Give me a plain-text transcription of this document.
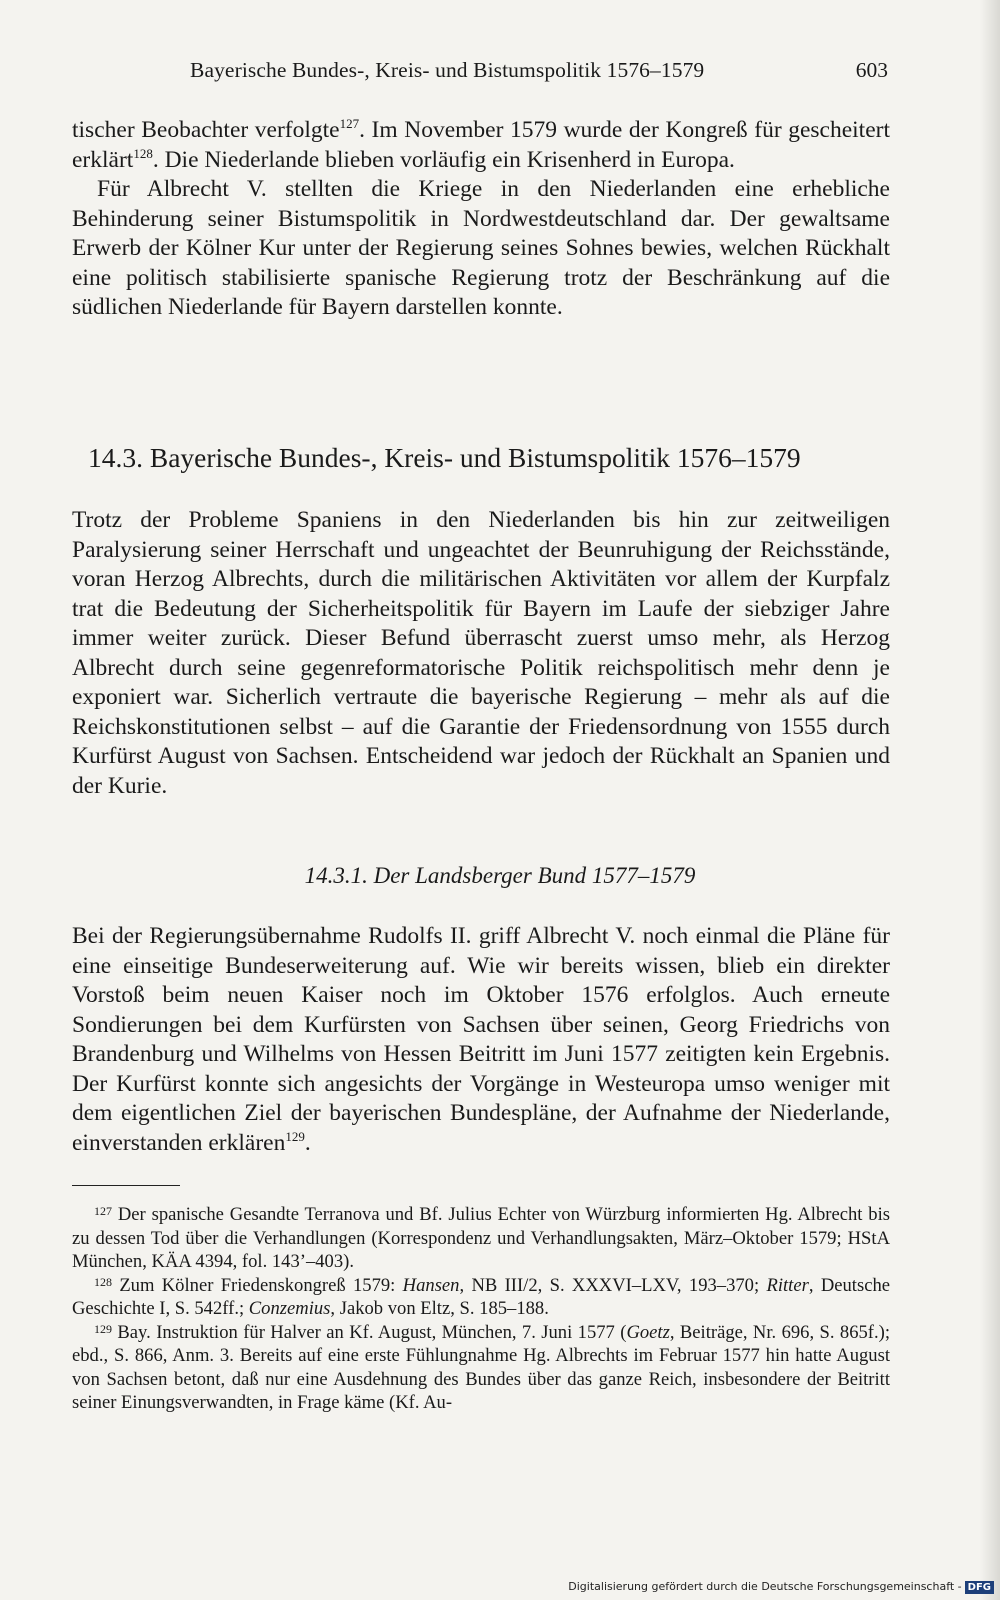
Bayerische Bundes-, Kreis- und Bistumspolitik 1576–1579	603

tischer Beobachter verfolgte$^{127}$. Im November 1579 wurde der Kongreß für gescheitert erklärt$^{128}$. Die Niederlande blieben vorläufig ein Krisenherd in Europa.

Für Albrecht V. stellten die Kriege in den Niederlanden eine erhebliche Behinderung seiner Bistumspolitik in Nordwestdeutschland dar. Der gewaltsame Erwerb der Kölner Kur unter der Regierung seines Sohnes bewies, welchen Rückhalt eine politisch stabilisierte spanische Regierung trotz der Beschränkung auf die südlichen Niederlande für Bayern darstellen konnte.

14.3. Bayerische Bundes-, Kreis- und Bistumspolitik 1576–1579

Trotz der Probleme Spaniens in den Niederlanden bis hin zur zeitweiligen Paralysierung seiner Herrschaft und ungeachtet der Beunruhigung der Reichsstände, voran Herzog Albrechts, durch die militärischen Aktivitäten vor allem der Kurpfalz trat die Bedeutung der Sicherheitspolitik für Bayern im Laufe der siebziger Jahre immer weiter zurück. Dieser Befund überrascht zuerst umso mehr, als Herzog Albrecht durch seine gegenreformatorische Politik reichspolitisch mehr denn je exponiert war. Sicherlich vertraute die bayerische Regierung – mehr als auf die Reichskonstitutionen selbst – auf die Garantie der Friedensordnung von 1555 durch Kurfürst August von Sachsen. Entscheidend war jedoch der Rückhalt an Spanien und der Kurie.

14.3.1. Der Landsberger Bund 1577–1579

Bei der Regierungsübernahme Rudolfs II. griff Albrecht V. noch einmal die Pläne für eine einseitige Bundeserweiterung auf. Wie wir bereits wissen, blieb ein direkter Vorstoß beim neuen Kaiser noch im Oktober 1576 erfolglos. Auch erneute Sondierungen bei dem Kurfürsten von Sachsen über seinen, Georg Friedrichs von Brandenburg und Wilhelms von Hessen Beitritt im Juni 1577 zeitigten kein Ergebnis. Der Kurfürst konnte sich angesichts der Vorgänge in Westeuropa umso weniger mit dem eigentlichen Ziel der bayerischen Bundespläne, der Aufnahme der Niederlande, einverstanden erklären$^{129}$.

$^{127}$ Der spanische Gesandte Terranova und Bf. Julius Echter von Würzburg informierten Hg. Albrecht bis zu dessen Tod über die Verhandlungen (Korrespondenz und Verhandlungsakten, März–Oktober 1579; HStA München, KÄA 4394, fol. 143’–403).

$^{128}$ Zum Kölner Friedenskongreß 1579: Hansen, NB III/2, S. XXXVI–LXV, 193–370; Ritter, Deutsche Geschichte I, S. 542ff.; Conzemius, Jakob von Eltz, S. 185–188.

$^{129}$ Bay. Instruktion für Halver an Kf. August, München, 7. Juni 1577 (Goetz, Beiträge, Nr. 696, S. 865f.); ebd., S. 866, Anm. 3. Bereits auf eine erste Fühlungnahme Hg. Albrechts im Februar 1577 hin hatte August von Sachsen betont, daß nur eine Ausdehnung des Bundes über das ganze Reich, insbesondere der Beitritt seiner Einungsverwandten, in Frage käme (Kf. Au-

Digitalisierung gefördert durch die Deutsche Forschungsgemeinschaft - DFG
